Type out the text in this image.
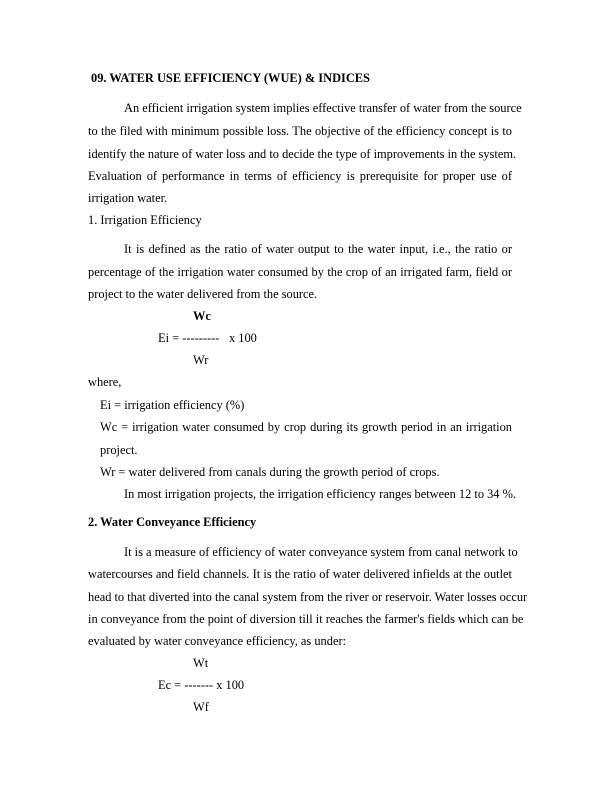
09. WATER USE EFFICIENCY (WUE) & INDICES
An efficient irrigation system implies effective transfer of water from the source
to the filed with minimum possible loss. The objective of the efficiency concept is to
identify the nature of water loss and to decide the type of improvements in the system.
Evaluation of performance in terms of efficiency is prerequisite for proper use of
irrigation water.
1. Irrigation Efficiency
It is defined as the ratio of water output to the water input, i.e., the ratio or
percentage of the irrigation water consumed by the crop of an irrigated farm, field or
project to the water delivered from the source.
Wc
Ei = --------- x 100
Wr
where,
Ei = irrigation efficiency (%)
Wc = irrigation water consumed by crop during its growth period in an irrigation
project.
Wr = water delivered from canals during the growth period of crops.
In most irrigation projects, the irrigation efficiency ranges between 12 to 34 %.
2. Water Conveyance Efficiency
It is a measure of efficiency of water conveyance system from canal network to
watercourses and field channels. It is the ratio of water delivered infields at the outlet
head to that diverted into the canal system from the river or reservoir. Water losses occur
in conveyance from the point of diversion till it reaches the farmer's fields which can be
evaluated by water conveyance efficiency, as under:
Wt
Ec = ------- x 100
Wf
